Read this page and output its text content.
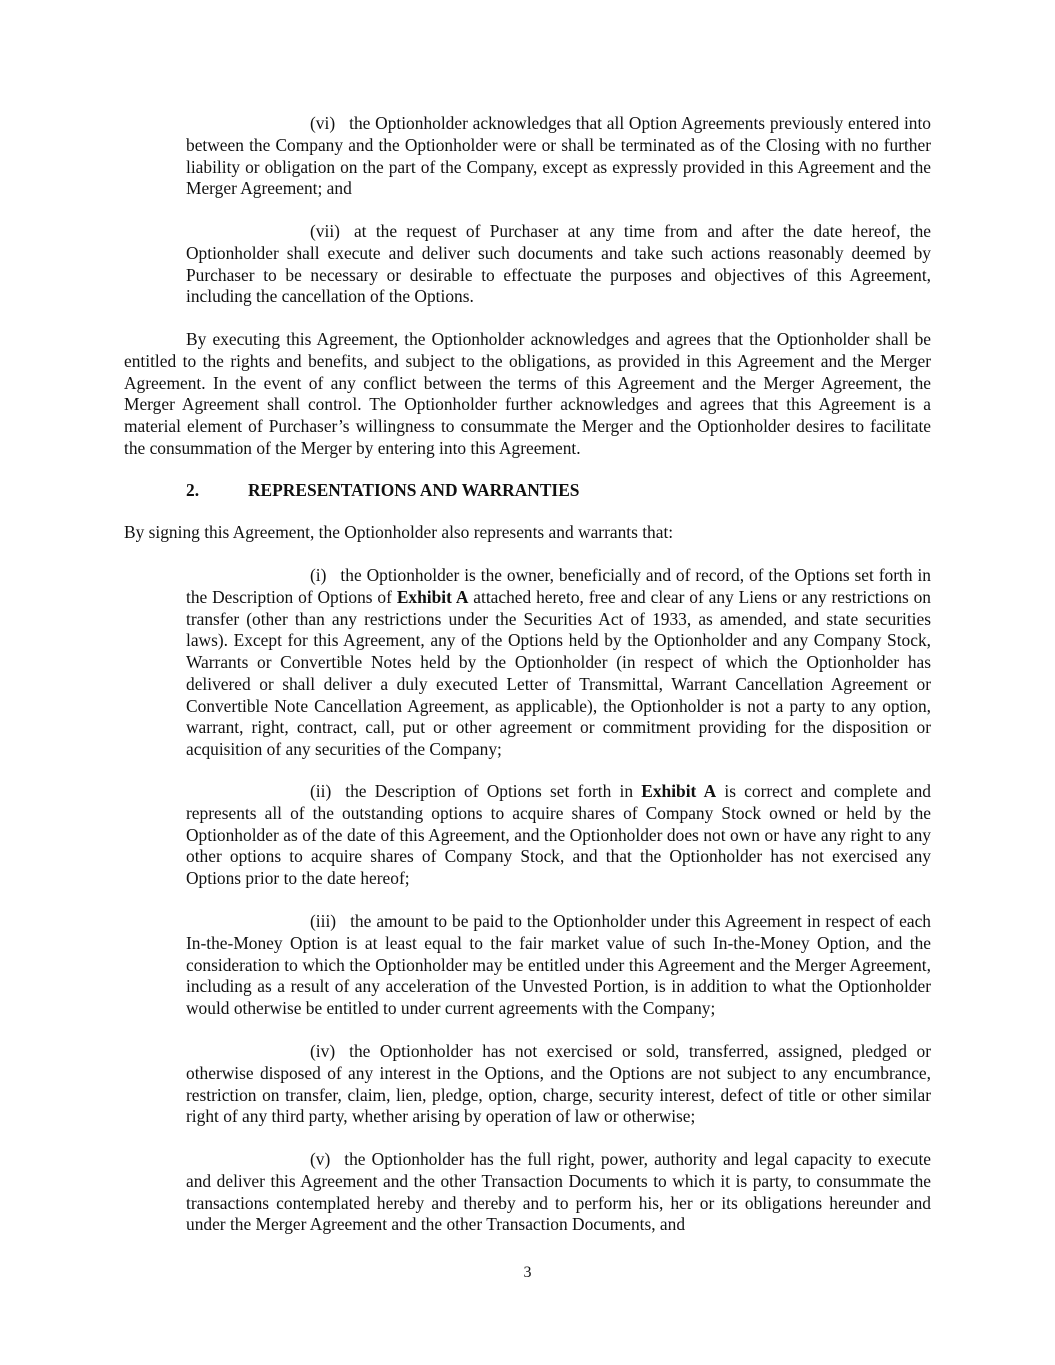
(vi) the Optionholder acknowledges that all Option Agreements previously entered into between the Company and the Optionholder were or shall be terminated as of the Closing with no further liability or obligation on the part of the Company, except as expressly provided in this Agreement and the Merger Agreement; and

(vii) at the request of Purchaser at any time from and after the date hereof, the Optionholder shall execute and deliver such documents and take such actions reasonably deemed by Purchaser to be necessary or desirable to effectuate the purposes and objectives of this Agreement, including the cancellation of the Options.

By executing this Agreement, the Optionholder acknowledges and agrees that the Optionholder shall be entitled to the rights and benefits, and subject to the obligations, as provided in this Agreement and the Merger Agreement. In the event of any conflict between the terms of this Agreement and the Merger Agreement, the Merger Agreement shall control. The Optionholder further acknowledges and agrees that this Agreement is a material element of Purchaser’s willingness to consummate the Merger and the Optionholder desires to facilitate the consummation of the Merger by entering into this Agreement.

2.	REPRESENTATIONS AND WARRANTIES

By signing this Agreement, the Optionholder also represents and warrants that:

(i) the Optionholder is the owner, beneficially and of record, of the Options set forth in the Description of Options of Exhibit A attached hereto, free and clear of any Liens or any restrictions on transfer (other than any restrictions under the Securities Act of 1933, as amended, and state securities laws). Except for this Agreement, any of the Options held by the Optionholder and any Company Stock, Warrants or Convertible Notes held by the Optionholder (in respect of which the Optionholder has delivered or shall deliver a duly executed Letter of Transmittal, Warrant Cancellation Agreement or Convertible Note Cancellation Agreement, as applicable), the Optionholder is not a party to any option, warrant, right, contract, call, put or other agreement or commitment providing for the disposition or acquisition of any securities of the Company;

(ii) the Description of Options set forth in Exhibit A is correct and complete and represents all of the outstanding options to acquire shares of Company Stock owned or held by the Optionholder as of the date of this Agreement, and the Optionholder does not own or have any right to any other options to acquire shares of Company Stock, and that the Optionholder has not exercised any Options prior to the date hereof;

(iii) the amount to be paid to the Optionholder under this Agreement in respect of each In-the-Money Option is at least equal to the fair market value of such In-the-Money Option, and the consideration to which the Optionholder may be entitled under this Agreement and the Merger Agreement, including as a result of any acceleration of the Unvested Portion, is in addition to what the Optionholder would otherwise be entitled to under current agreements with the Company;

(iv) the Optionholder has not exercised or sold, transferred, assigned, pledged or otherwise disposed of any interest in the Options, and the Options are not subject to any encumbrance, restriction on transfer, claim, lien, pledge, option, charge, security interest, defect of title or other similar right of any third party, whether arising by operation of law or otherwise;

(v) the Optionholder has the full right, power, authority and legal capacity to execute and deliver this Agreement and the other Transaction Documents to which it is party, to consummate the transactions contemplated hereby and thereby and to perform his, her or its obligations hereunder and under the Merger Agreement and the other Transaction Documents, and

3
